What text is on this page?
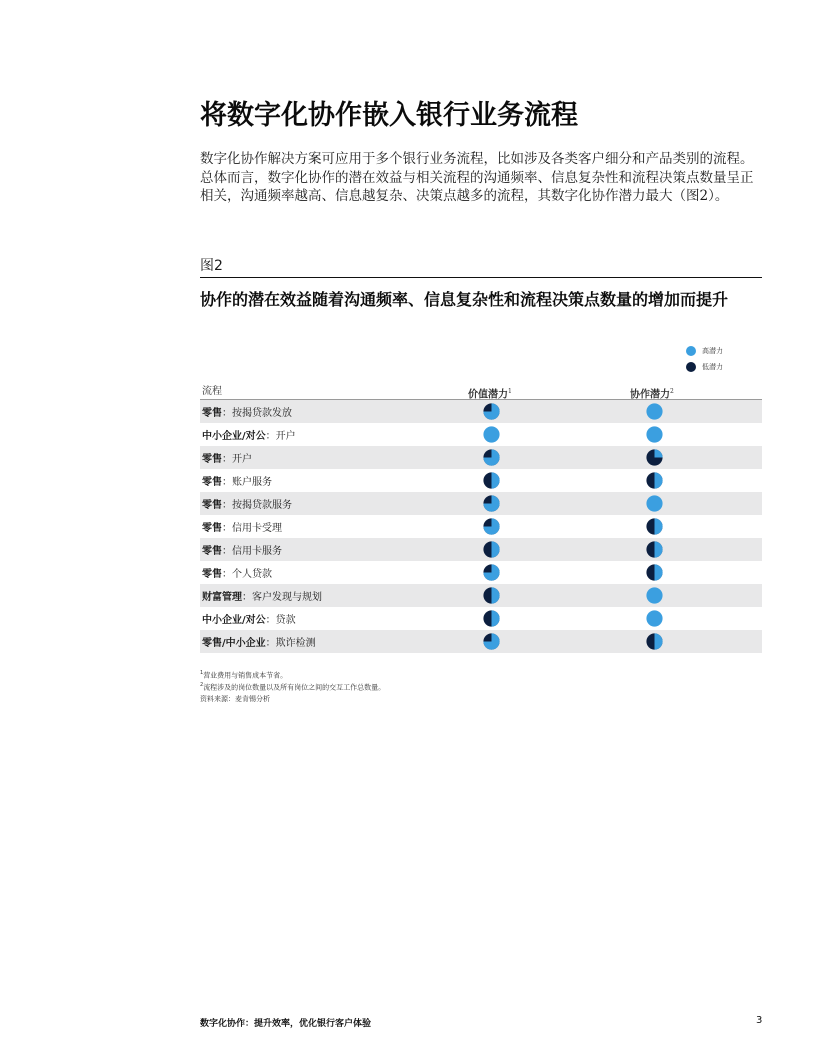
将数字化协作嵌入银行业务流程

数字化协作解决方案可应用于多个银行业务流程，比如涉及各类客户细分和产品类别的流程。总体而言，数字化协作的潜在效益与相关流程的沟通频率、信息复杂性和流程决策点数量呈正相关，沟通频率越高、信息越复杂、决策点越多的流程，其数字化协作潜力最大（图2）。

图2
协作的潜在效益随着沟通频率、信息复杂性和流程决策点数量的增加而提升
高潜力
低潜力
流程	价值潜力$^1$	协作潜力$^2$
零售：按揭贷款发放
中小企业/对公：开户
零售：开户
零售：账户服务
零售：按揭贷款服务
零售：信用卡受理
零售：信用卡服务
零售：个人贷款
财富管理：客户发现与规划
中小企业/对公：贷款
零售/中小企业：欺诈检测
$^1$营业费用与销售成本节省。
$^2$流程涉及的岗位数量以及所有岗位之间的交互工作总数量。
资料来源：麦肯锡分析
数字化协作：提升效率，优化银行客户体验	3
